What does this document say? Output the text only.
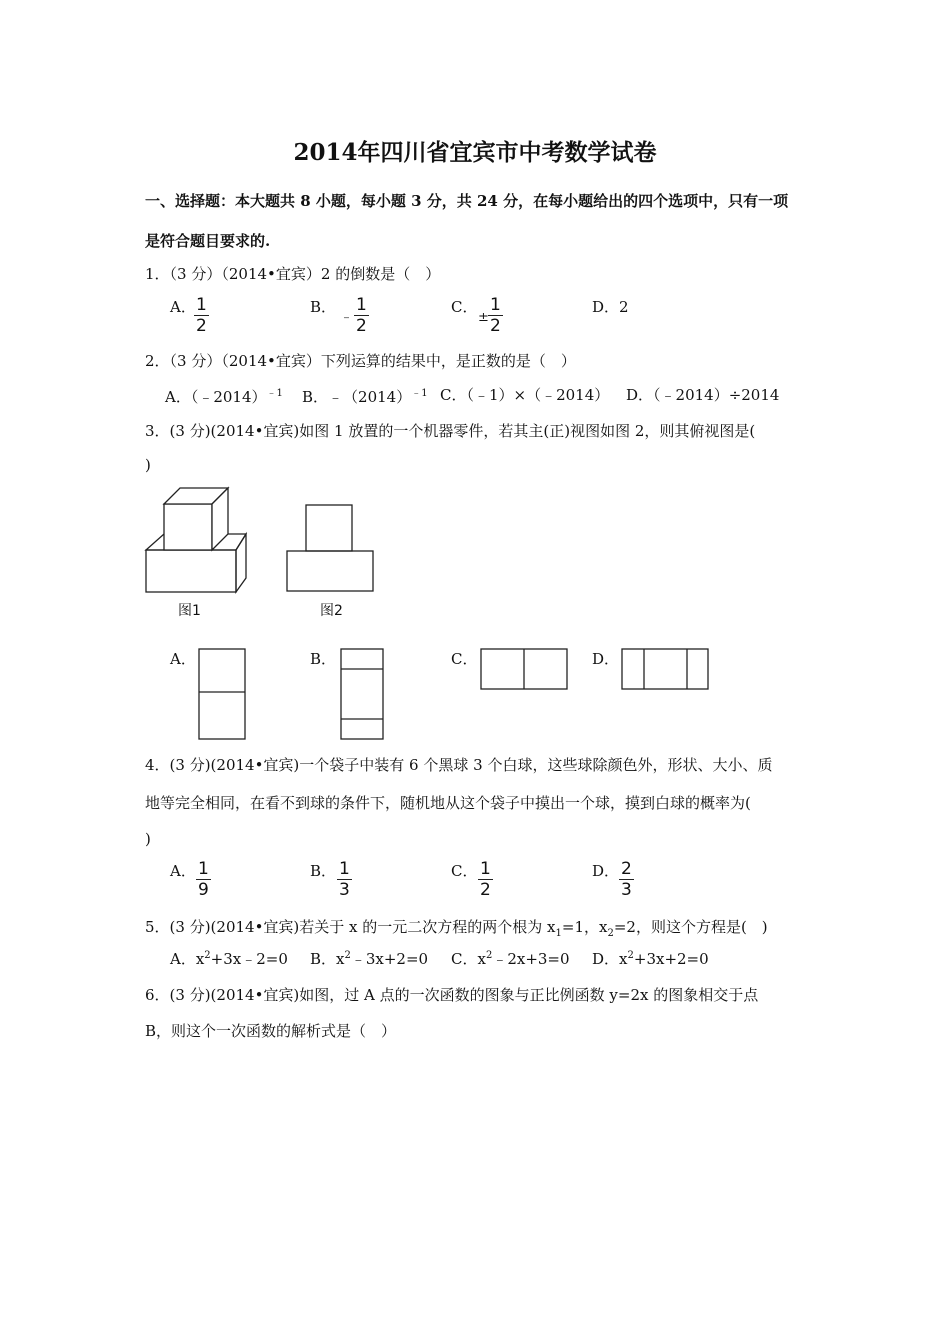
2014年四川省宜宾市中考数学试卷
一、选择题：本大题共 8 小题，每小题 3 分，共 24 分，在每小题给出的四个选项中，只有一项
是符合题目要求的.
1．（3 分）（2014•宜宾）2 的倒数是（　）
A． 1
2
B．
﹣
1
2
C．
±
1
2
D．2
2．（3 分）（2014•宜宾）下列运算的结果中，是正数的是（　）
A．（﹣2014）$^{﹣1}$ B．$﹣(2014)^{﹣1}$ C．（﹣1）×（﹣2014） D．（﹣2014）÷2014
3．(3 分)(2014•宜宾)如图 1 放置的一个机器零件，若其主(正)视图如图 2，则其俯视图是(
)
图1	图2
A．	B．	C．	D．
4．(3 分)(2014•宜宾)一个袋子中装有 6 个黑球 3 个白球，这些球除颜色外，形状、大小、质
地等完全相同，在看不到球的条件下，随机地从这个袋子中摸出一个球，摸到白球的概率为(
)
A． 1
9
B． 1
3
C． 1
2
D． 2
3
5．(3 分)(2014•宜宾)若关于 x 的一元二次方程的两个根为 $x_1=1$，$x_2=2$，则这个方程是(　)
A．$x^2+3x﹣2=0$ B．$x^2﹣3x+2=0$ C．$x^2﹣2x+3=0$ D．$x^2+3x+2=0$
6．(3 分)(2014•宜宾)如图，过 A 点的一次函数的图象与正比例函数 y=2x 的图象相交于点
B，则这个一次函数的解析式是（　）
